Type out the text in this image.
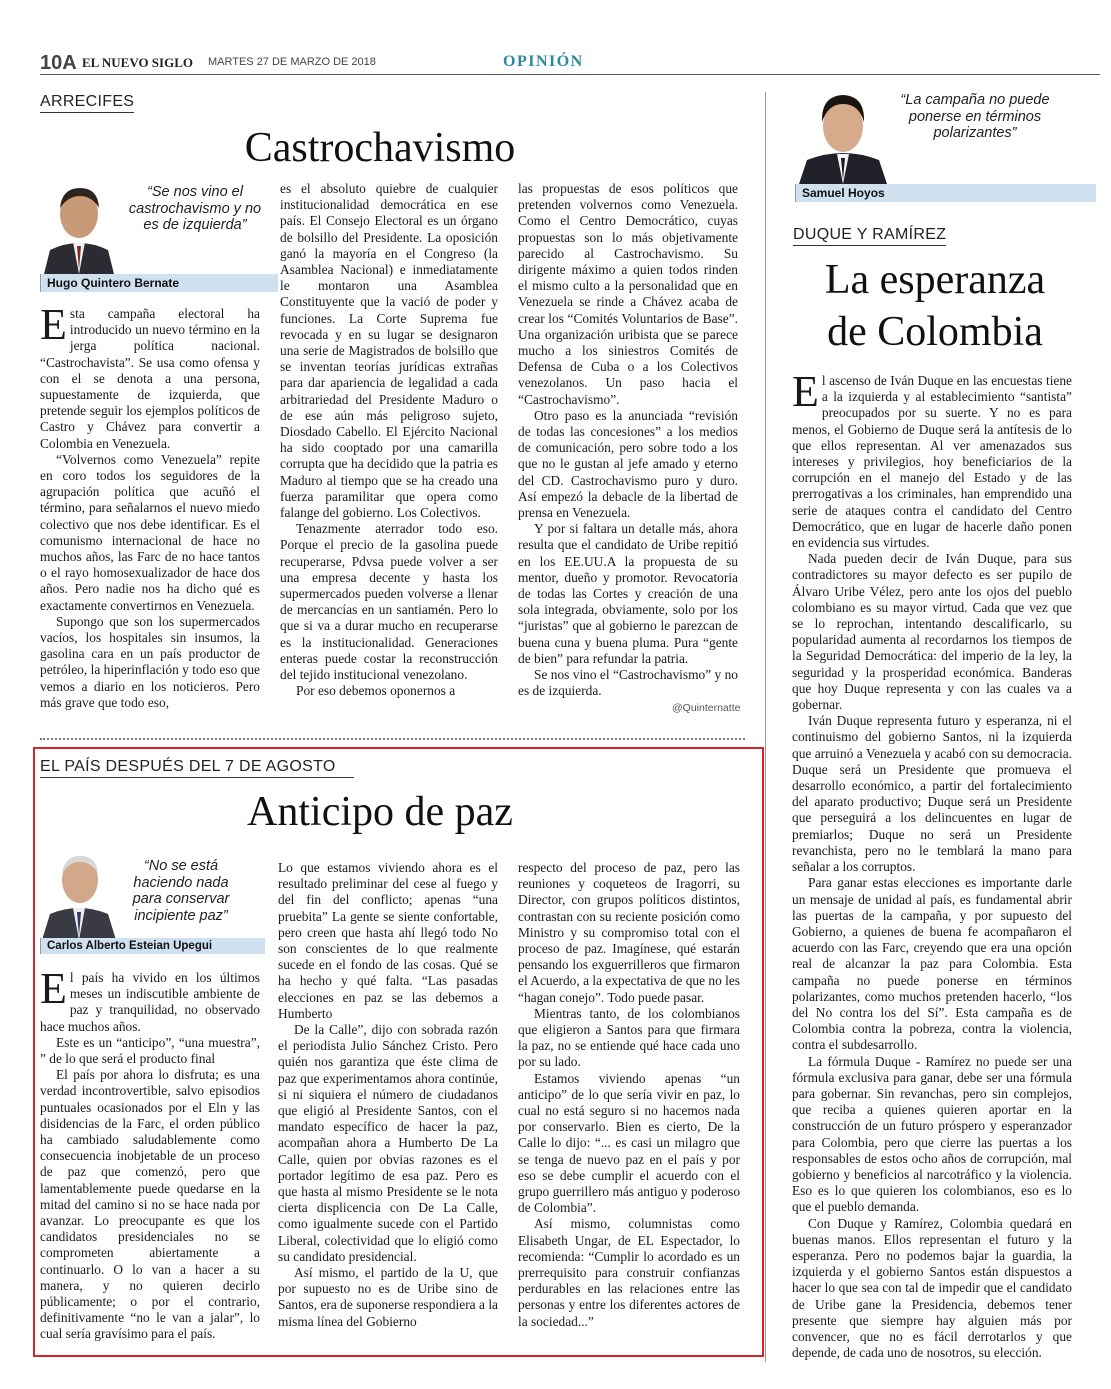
10A EL NUEVO SIGLO MARTES 27 DE MARZO DE 2018	OPINIÓN
ARRECIFES
Castrochavismo
“Se nos vino el castrochavismo y no es de izquierda”
Hugo Quintero Bernate

Esta campaña electoral ha introducido un nuevo término en la jerga política nacional. “Castrochavista”. Se usa como ofensa y con el se denota a una persona, supuestamente de izquierda, que pretende seguir los ejemplos políticos de Castro y Chávez para convertir a Colombia en Venezuela.

“Volvernos como Venezuela” repite en coro todos los seguidores de la agrupación política que acuñó el término, para señalarnos el nuevo miedo colectivo que nos debe identificar. Es el comunismo internacional de hace no muchos años, las Farc de no hace tantos o el rayo homosexualizador de hace dos años. Pero nadie nos ha dicho qué es exactamente convertirnos en Venezuela.

Supongo que son los supermercados vacíos, los hospitales sin insumos, la gasolina cara en un país productor de petróleo, la hiperinflación y todo eso que vemos a diario en los noticieros. Pero más grave que todo eso,

es el absoluto quiebre de cualquier institucionalidad democrática en ese país. El Consejo Electoral es un órgano de bolsillo del Presidente. La oposición ganó la mayoría en el Congreso (la Asamblea Nacional) e inmediatamente le montaron una Asamblea Constituyente que la vació de poder y funciones. La Corte Suprema fue revocada y en su lugar se designaron una serie de Magistrados de bolsillo que se inventan teorías jurídicas extrañas para dar apariencia de legalidad a cada arbitrariedad del Presidente Maduro o de ese aún más peligroso sujeto, Diosdado Cabello. El Ejército Nacional ha sido cooptado por una camarilla corrupta que ha decidido que la patria es Maduro al tiempo que se ha creado una fuerza paramilitar que opera como falange del gobierno. Los Colectivos.

Tenazmente aterrador todo eso. Porque el precio de la gasolina puede recuperarse, Pdvsa puede volver a ser una empresa decente y hasta los supermercados pueden volverse a llenar de mercancías en un santiamén. Pero lo que si va a durar mucho en recuperarse es la institucionalidad. Generaciones enteras puede costar la reconstrucción del tejido institucional venezolano.

Por eso debemos oponernos a

las propuestas de esos políticos que pretenden volvernos como Venezuela. Como el Centro Democrático, cuyas propuestas son lo más objetivamente parecido al Castrochavismo. Su dirigente máximo a quien todos rinden el mismo culto a la personalidad que en Venezuela se rinde a Chávez acaba de crear los “Comités Voluntarios de Base”. Una organización uribista que se parece mucho a los siniestros Comités de Defensa de Cuba o a los Colectivos venezolanos. Un paso hacia el “Castrochavismo”.

Otro paso es la anunciada “revisión de todas las concesiones” a los medios de comunicación, pero sobre todo a los que no le gustan al jefe amado y eterno del CD. Castrochavismo puro y duro. Así empezó la debacle de la libertad de prensa en Venezuela.

Y por si faltara un detalle más, ahora resulta que el candidato de Uribe repitió en los EE.UU.A la propuesta de su mentor, dueño y promotor. Revocatoria de todas las Cortes y creación de una sola integrada, obviamente, solo por los “juristas” que al gobierno le parezcan de buena cuna y buena pluma. Pura “gente de bien” para refundar la patria.

Se nos vino el “Castrochavismo” y no es de izquierda.

@Quinternatte
EL PAÍS DESPUÉS DEL 7 DE AGOSTO
Anticipo de paz
“No se está haciendo nada para conservar incipiente paz”
Carlos Alberto Esteian Upegui

El país ha vivido en los últimos meses un indiscutible ambiente de paz y tranquilidad, no observado hace muchos años.

Este es un “anticipo”, “una muestra”, ” de lo que será el producto final

El país por ahora lo disfruta; es una verdad incontrovertible, salvo episodios puntuales ocasionados por el Eln y las disidencias de la Farc, el orden público ha cambiado saludablemente como consecuencia inobjetable de un proceso de paz que comenzó, pero que lamentablemente puede quedarse en la mitad del camino si no se hace nada por avanzar. Lo preocupante es que los candidatos presidenciales no se comprometen abiertamente a continuarlo. O lo van a hacer a su manera, y no quieren decirlo públicamente; o por el contrario, definitivamente “no le van a jalar”, lo cual sería gravísimo para el país.

Lo que estamos viviendo ahora es el resultado preliminar del cese al fuego y del fin del conflicto; apenas “una pruebita” La gente se siente confortable, pero creen que hasta ahí llegó todo No son conscientes de lo que realmente sucede en el fondo de las cosas. Qué se ha hecho y qué falta. “Las pasadas elecciones en paz se las debemos a Humberto

De la Calle”, dijo con sobrada razón el periodista Julio Sánchez Cristo. Pero quién nos garantiza que éste clima de paz que experimentamos ahora continúe, si ni siquiera el número de ciudadanos que eligió al Presidente Santos, con el mandato específico de hacer la paz, acompañan ahora a Humberto De La Calle, quien por obvias razones es el portador legítimo de esa paz. Pero es que hasta al mismo Presidente se le nota cierta displicencia con De La Calle, como igualmente sucede con el Partido Liberal, colectividad que lo eligió como su candidato presidencial.

Así mismo, el partido de la U, que por supuesto no es de Uribe sino de Santos, era de suponerse respondiera a la misma línea del Gobierno

respecto del proceso de paz, pero las reuniones y coqueteos de Iragorri, su Director, con grupos políticos distintos, contrastan con su reciente posición como Ministro y su compromiso total con el proceso de paz. Imagínese, qué estarán pensando los exguerrilleros que firmaron el Acuerdo, a la expectativa de que no les “hagan conejo”. Todo puede pasar.

Mientras tanto, de los colombianos que eligieron a Santos para que firmara la paz, no se entiende qué hace cada uno por su lado.

Estamos viviendo apenas “un anticipo” de lo que sería vivir en paz, lo cual no está seguro si no hacemos nada por conservarlo. Bien es cierto, De la Calle lo dijo: “... es casi un milagro que se tenga de nuevo paz en el país y por eso se debe cumplir el acuerdo con el grupo guerrillero más antiguo y poderoso de Colombia”.

Así mismo, columnistas como Elisabeth Ungar, de EL Espectador, lo recomienda: “Cumplir lo acordado es un prerrequisito para construir confianzas perdurables en las relaciones entre las personas y entre los diferentes actores de la sociedad...”

“La campaña no puede ponerse en términos polarizantes”
Samuel Hoyos
DUQUE Y RAMÍREZ
La esperanza
de Colombia

El ascenso de Iván Duque en las encuestas tiene a la izquierda y al establecimiento “santista” preocupados por su suerte. Y no es para menos, el Gobierno de Duque será la antítesis de lo que ellos representan. Al ver amenazados sus intereses y privilegios, hoy beneficiarios de la corrupción en el manejo del Estado y de las prerrogativas a los criminales, han emprendido una serie de ataques contra el candidato del Centro Democrático, que en lugar de hacerle daño ponen en evidencia sus virtudes.

Nada pueden decir de Iván Duque, para sus contradictores su mayor defecto es ser pupilo de Álvaro Uribe Vélez, pero ante los ojos del pueblo colombiano es su mayor virtud. Cada que vez que se lo reprochan, intentando descalificarlo, su popularidad aumenta al recordarnos los tiempos de la Seguridad Democrática: del imperio de la ley, la seguridad y la prosperidad económica. Banderas que hoy Duque representa y con las cuales va a gobernar.

Iván Duque representa futuro y esperanza, ni el continuismo del gobierno Santos, ni la izquierda que arruinó a Venezuela y acabó con su democracia. Duque será un Presidente que promueva el desarrollo económico, a partir del fortalecimiento del aparato productivo; Duque será un Presidente que perseguirá a los delincuentes en lugar de premiarlos; Duque no será un Presidente revanchista, pero no le temblará la mano para señalar a los corruptos.

Para ganar estas elecciones es importante darle un mensaje de unidad al país, es fundamental abrir las puertas de la campaña, y por supuesto del Gobierno, a quienes de buena fe acompañaron el acuerdo con las Farc, creyendo que era una opción real de alcanzar la paz para Colombia. Esta campaña no puede ponerse en términos polarizantes, como muchos pretenden hacerlo, “los del No contra los del Sí”. Esta campaña es de Colombia contra la pobreza, contra la violencia, contra el subdesarrollo.

La fórmula Duque - Ramírez no puede ser una fórmula exclusiva para ganar, debe ser una fórmula para gobernar. Sin revanchas, pero sin complejos, que reciba a quienes quieren aportar en la construcción de un futuro próspero y esperanzador para Colombia, pero que cierre las puertas a los responsables de estos ocho años de corrupción, mal gobierno y beneficios al narcotráfico y la violencia. Eso es lo que quieren los colombianos, eso es lo que el pueblo demanda.

Con Duque y Ramírez, Colombia quedará en buenas manos. Ellos representan el futuro y la esperanza. Pero no podemos bajar la guardia, la izquierda y el gobierno Santos están dispuestos a hacer lo que sea con tal de impedir que el candidato de Uribe gane la Presidencia, debemos tener presente que siempre hay alguien más por convencer, que no es fácil derrotarlos y que depende, de cada uno de nosotros, su elección.
